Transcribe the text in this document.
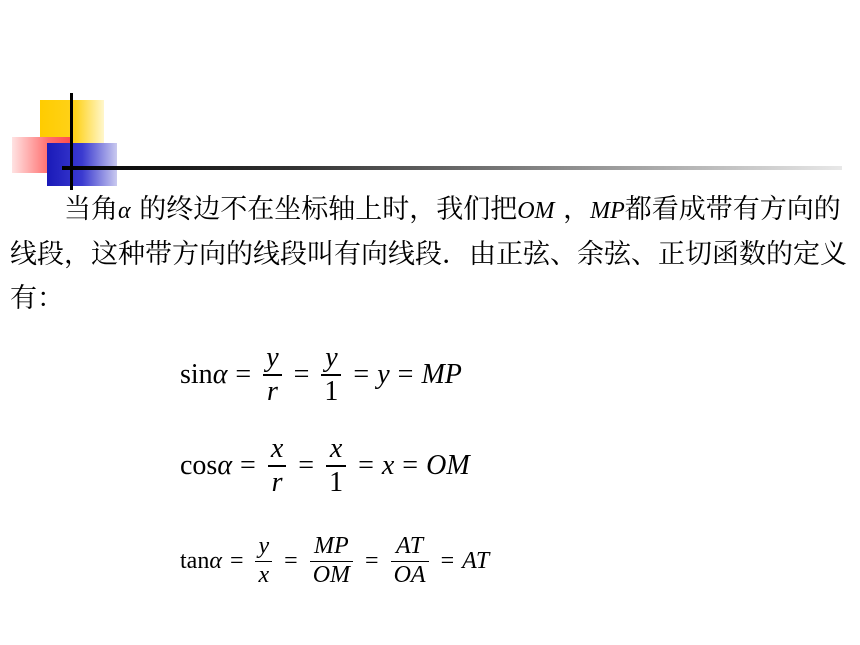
当角α 的终边不在坐标轴上时，我们把OM ，MP都看成带有方向的线段，这种带方向的线段叫有向线段．由正弦、余弦、正切函数的定义有：
$\sin \alpha = \frac{y}{r} = \frac{y}{1} = y$ = MP
$\cos \alpha = \frac{x}{r} = \frac{x}{1} = x$ = OM
$\tan \alpha = \frac{y}{x} = \frac{MP}{OM} = \frac{AT}{OA}$ = AT
